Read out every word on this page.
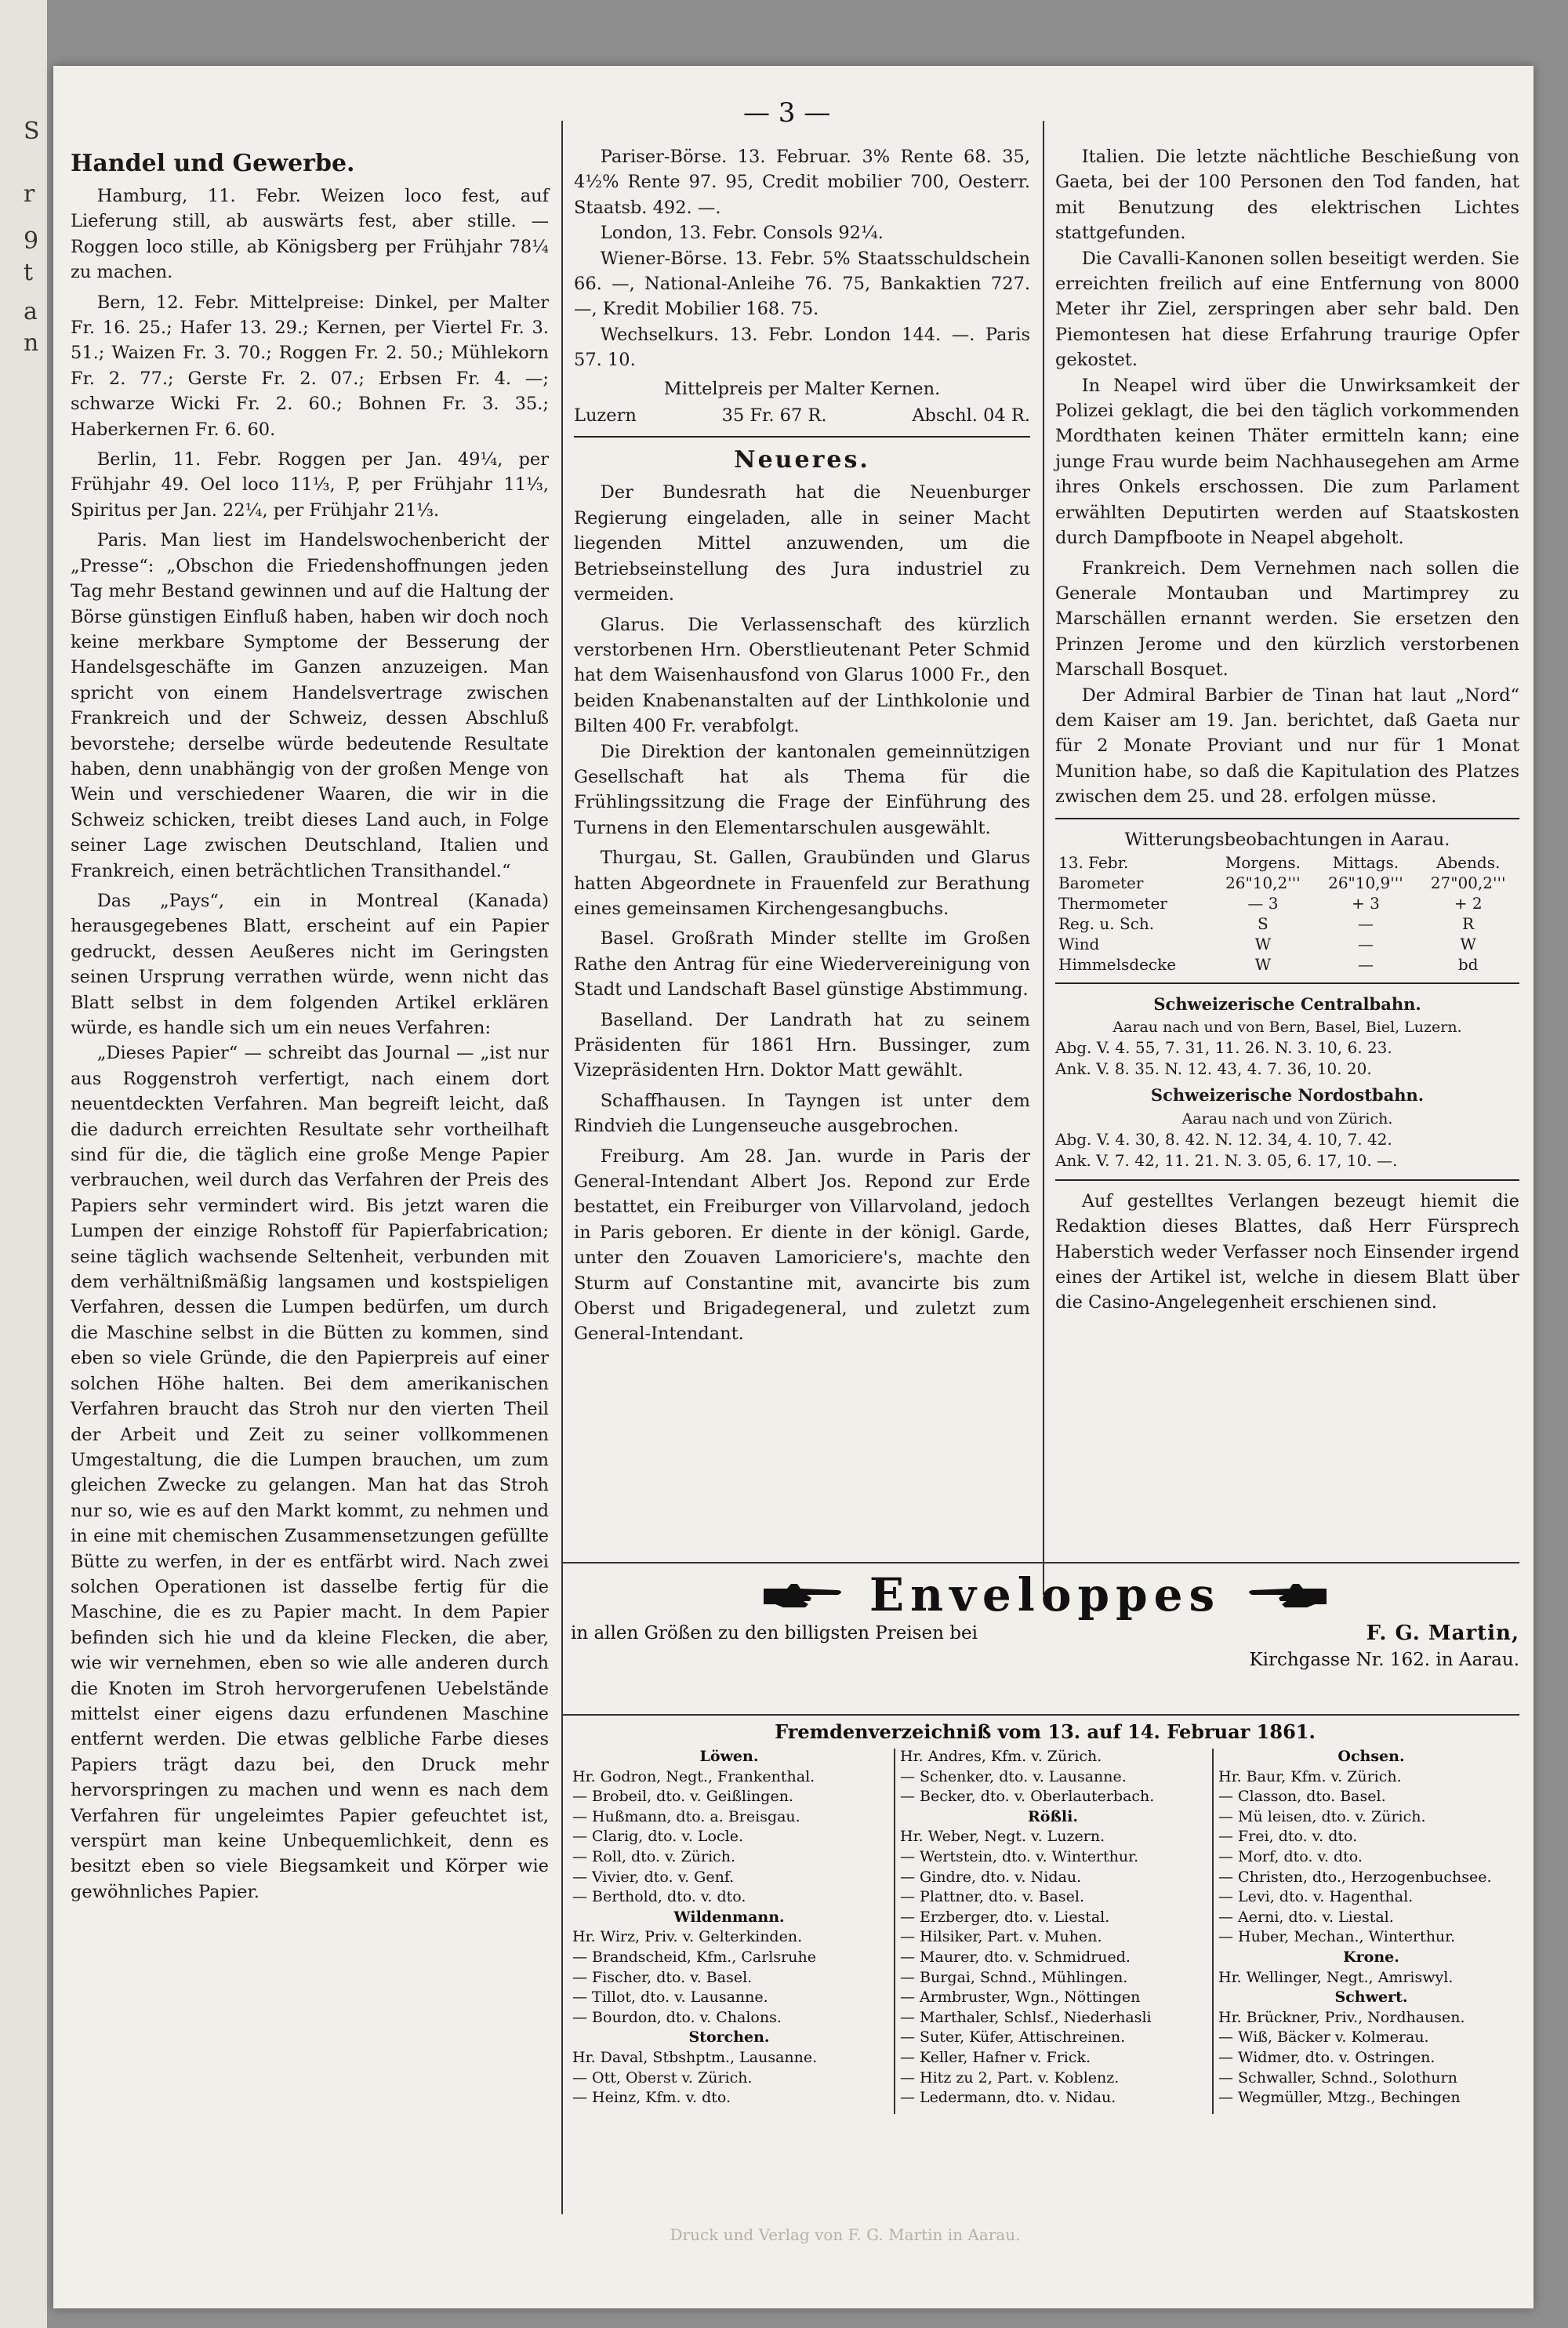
S
r
9
t
a
n
— 3 —
Handel und Gewerbe.

Hamburg, 11. Febr. Weizen loco fest, auf Lieferung still, ab auswärts fest, aber stille. — Roggen loco stille, ab Königsberg per Frühjahr 78¼ zu machen.

Bern, 12. Febr. Mittelpreise: Dinkel, per Malter Fr. 16. 25.; Hafer 13. 29.; Kernen, per Viertel Fr. 3. 51.; Waizen Fr. 3. 70.; Roggen Fr. 2. 50.; Mühlekorn Fr. 2. 77.; Gerste Fr. 2. 07.; Erbsen Fr. 4. —; schwarze Wicki Fr. 2. 60.; Bohnen Fr. 3. 35.; Haberkernen Fr. 6. 60.

Berlin, 11. Febr. Roggen per Jan. 49¼, per Frühjahr 49. Oel loco 11⅓, P, per Frühjahr 11⅓, Spiritus per Jan. 22¼, per Frühjahr 21⅓.

Paris. Man liest im Handelswochenbericht der „Presse“: „Obschon die Friedenshoffnungen jeden Tag mehr Bestand gewinnen und auf die Haltung der Börse günstigen Einfluß haben, haben wir doch noch keine merkbare Symptome der Besserung der Handelsgeschäfte im Ganzen anzuzeigen. Man spricht von einem Handelsvertrage zwischen Frankreich und der Schweiz, dessen Abschluß bevorstehe; derselbe würde bedeutende Resultate haben, denn unabhängig von der großen Menge von Wein und verschiedener Waaren, die wir in die Schweiz schicken, treibt dieses Land auch, in Folge seiner Lage zwischen Deutschland, Italien und Frankreich, einen beträchtlichen Transithandel.“

Das „Pays“, ein in Montreal (Kanada) herausgegebenes Blatt, erscheint auf ein Papier gedruckt, dessen Aeußeres nicht im Geringsten seinen Ursprung verrathen würde, wenn nicht das Blatt selbst in dem folgenden Artikel erklären würde, es handle sich um ein neues Verfahren:

„Dieses Papier“ — schreibt das Journal — „ist nur aus Roggenstroh verfertigt, nach einem dort neuentdeckten Verfahren. Man begreift leicht, daß die dadurch erreichten Resultate sehr vortheilhaft sind für die, die täglich eine große Menge Papier verbrauchen, weil durch das Verfahren der Preis des Papiers sehr vermindert wird. Bis jetzt waren die Lumpen der einzige Rohstoff für Papierfabrication; seine täglich wachsende Seltenheit, verbunden mit dem verhältnißmäßig langsamen und kostspieligen Verfahren, dessen die Lumpen bedürfen, um durch die Maschine selbst in die Bütten zu kommen, sind eben so viele Gründe, die den Papierpreis auf einer solchen Höhe halten. Bei dem amerikanischen Verfahren braucht das Stroh nur den vierten Theil der Arbeit und Zeit zu seiner vollkommenen Umgestaltung, die die Lumpen brauchen, um zum gleichen Zwecke zu gelangen. Man hat das Stroh nur so, wie es auf den Markt kommt, zu nehmen und in eine mit chemischen Zusammensetzungen gefüllte Bütte zu werfen, in der es entfärbt wird. Nach zwei solchen Operationen ist dasselbe fertig für die Maschine, die es zu Papier macht. In dem Papier befinden sich hie und da kleine Flecken, die aber, wie wir vernehmen, eben so wie alle anderen durch die Knoten im Stroh hervorgerufenen Uebelstände mittelst einer eigens dazu erfundenen Maschine entfernt werden. Die etwas gelbliche Farbe dieses Papiers trägt dazu bei, den Druck mehr hervorspringen zu machen und wenn es nach dem Verfahren für ungeleimtes Papier gefeuchtet ist, verspürt man keine Unbequemlichkeit, denn es besitzt eben so viele Biegsamkeit und Körper wie gewöhnliches Papier.

Pariser-Börse. 13. Februar. 3% Rente 68. 35, 4½% Rente 97. 95, Credit mobilier 700, Oesterr. Staatsb. 492. —.

London, 13. Febr. Consols 92¼.

Wiener-Börse. 13. Febr. 5% Staatsschuldschein 66. —, National-Anleihe 76. 75, Bankaktien 727. —, Kredit Mobilier 168. 75.

Wechselkurs. 13. Febr. London 144. —. Paris 57. 10.

Mittelpreis per Malter Kernen.
Luzern	35 Fr. 67 R.	Abschl. 04 R.
Neueres.

Der Bundesrath hat die Neuenburger Regierung eingeladen, alle in seiner Macht liegenden Mittel anzuwenden, um die Betriebseinstellung des Jura industriel zu vermeiden.

Glarus. Die Verlassenschaft des kürzlich verstorbenen Hrn. Oberstlieutenant Peter Schmid hat dem Waisenhausfond von Glarus 1000 Fr., den beiden Knabenanstalten auf der Linthkolonie und Bilten 400 Fr. verabfolgt.

Die Direktion der kantonalen gemeinnützigen Gesellschaft hat als Thema für die Frühlingssitzung die Frage der Einführung des Turnens in den Elementarschulen ausgewählt.

Thurgau, St. Gallen, Graubünden und Glarus hatten Abgeordnete in Frauenfeld zur Berathung eines gemeinsamen Kirchengesangbuchs.

Basel. Großrath Minder stellte im Großen Rathe den Antrag für eine Wiedervereinigung von Stadt und Landschaft Basel günstige Abstimmung.

Baselland. Der Landrath hat zu seinem Präsidenten für 1861 Hrn. Bussinger, zum Vizepräsidenten Hrn. Doktor Matt gewählt.

Schaffhausen. In Tayngen ist unter dem Rindvieh die Lungenseuche ausgebrochen.

Freiburg. Am 28. Jan. wurde in Paris der General-Intendant Albert Jos. Repond zur Erde bestattet, ein Freiburger von Villarvoland, jedoch in Paris geboren. Er diente in der königl. Garde, unter den Zouaven Lamoriciere's, machte den Sturm auf Constantine mit, avancirte bis zum Oberst und Brigadegeneral, und zuletzt zum General-Intendant.

Italien. Die letzte nächtliche Beschießung von Gaeta, bei der 100 Personen den Tod fanden, hat mit Benutzung des elektrischen Lichtes stattgefunden.

Die Cavalli-Kanonen sollen beseitigt werden. Sie erreichten freilich auf eine Entfernung von 8000 Meter ihr Ziel, zerspringen aber sehr bald. Den Piemontesen hat diese Erfahrung traurige Opfer gekostet.

In Neapel wird über die Unwirksamkeit der Polizei geklagt, die bei den täglich vorkommenden Mordthaten keinen Thäter ermitteln kann; eine junge Frau wurde beim Nachhausegehen am Arme ihres Onkels erschossen. Die zum Parlament erwählten Deputirten werden auf Staatskosten durch Dampfboote in Neapel abgeholt.

Frankreich. Dem Vernehmen nach sollen die Generale Montauban und Martimprey zu Marschällen ernannt werden. Sie ersetzen den Prinzen Jerome und den kürzlich verstorbenen Marschall Bosquet.

Der Admiral Barbier de Tinan hat laut „Nord“ dem Kaiser am 19. Jan. berichtet, daß Gaeta nur für 2 Monate Proviant und nur für 1 Monat Munition habe, so daß die Kapitulation des Platzes zwischen dem 25. und 28. erfolgen müsse.

Witterungsbeobachtungen in Aarau.
13. Febr.	Morgens.	Mittags.	Abends.
Barometer	26"10,2'''	26"10,9'''	27"00,2'''
Thermometer	— 3	+ 3	+ 2
Reg. u. Sch.	S	—	R
Wind	W	—	W
Himmelsdecke	W	—	bd
Schweizerische Centralbahn.
Aarau nach und von Bern, Basel, Biel, Luzern.
Abg. V. 4. 55, 7. 31, 11. 26. N. 3. 10, 6. 23.
Ank. V. 8. 35. N. 12. 43, 4. 7. 36, 10. 20.
Schweizerische Nordostbahn.
Aarau nach und von Zürich.
Abg. V. 4. 30, 8. 42. N. 12. 34, 4. 10, 7. 42.
Ank. V. 7. 42, 11. 21. N. 3. 05, 6. 17, 10. —.

Auf gestelltes Verlangen bezeugt hiemit die Redaktion dieses Blattes, daß Herr Fürsprech Haberstich weder Verfasser noch Einsender irgend eines der Artikel ist, welche in diesem Blatt über die Casino-Angelegenheit erschienen sind.

Enveloppes
in allen Größen zu den billigsten Preisen bei	F. G. Martin,
Kirchgasse Nr. 162. in Aarau.
Fremdenverzeichniß vom 13. auf 14. Februar 1861.
Löwen.
Hr. Godron, Negt., Frankenthal.
— Brobeil, dto. v. Geißlingen.
— Hußmann, dto. a. Breisgau.
— Clarig, dto. v. Locle.
— Roll, dto. v. Zürich.
— Vivier, dto. v. Genf.
— Berthold, dto. v. dto.
Wildenmann.
Hr. Wirz, Priv. v. Gelterkinden.
— Brandscheid, Kfm., Carlsruhe
— Fischer, dto. v. Basel.
— Tillot, dto. v. Lausanne.
— Bourdon, dto. v. Chalons.
Storchen.
Hr. Daval, Stbshptm., Lausanne.
— Ott, Oberst v. Zürich.
— Heinz, Kfm. v. dto.
Hr. Andres, Kfm. v. Zürich.
— Schenker, dto. v. Lausanne.
— Becker, dto. v. Oberlauterbach.
Rößli.
Hr. Weber, Negt. v. Luzern.
— Wertstein, dto. v. Winterthur.
— Gindre, dto. v. Nidau.
— Plattner, dto. v. Basel.
— Erzberger, dto. v. Liestal.
— Hilsiker, Part. v. Muhen.
— Maurer, dto. v. Schmidrued.
— Burgai, Schnd., Mühlingen.
— Armbruster, Wgn., Nöttingen
— Marthaler, Schlsf., Niederhasli
— Suter, Küfer, Attischreinen.
— Keller, Hafner v. Frick.
— Hitz zu 2, Part. v. Koblenz.
— Ledermann, dto. v. Nidau.
Ochsen.
Hr. Baur, Kfm. v. Zürich.
— Classon, dto. Basel.
— Mü leisen, dto. v. Zürich.
— Frei, dto. v. dto.
— Morf, dto. v. dto.
— Christen, dto., Herzogenbuchsee.
— Levi, dto. v. Hagenthal.
— Aerni, dto. v. Liestal.
— Huber, Mechan., Winterthur.
Krone.
Hr. Wellinger, Negt., Amriswyl.
Schwert.
Hr. Brückner, Priv., Nordhausen.
— Wiß, Bäcker v. Kolmerau.
— Widmer, dto. v. Ostringen.
— Schwaller, Schnd., Solothurn
— Wegmüller, Mtzg., Bechingen
Druck und Verlag von F. G. Martin in Aarau.
